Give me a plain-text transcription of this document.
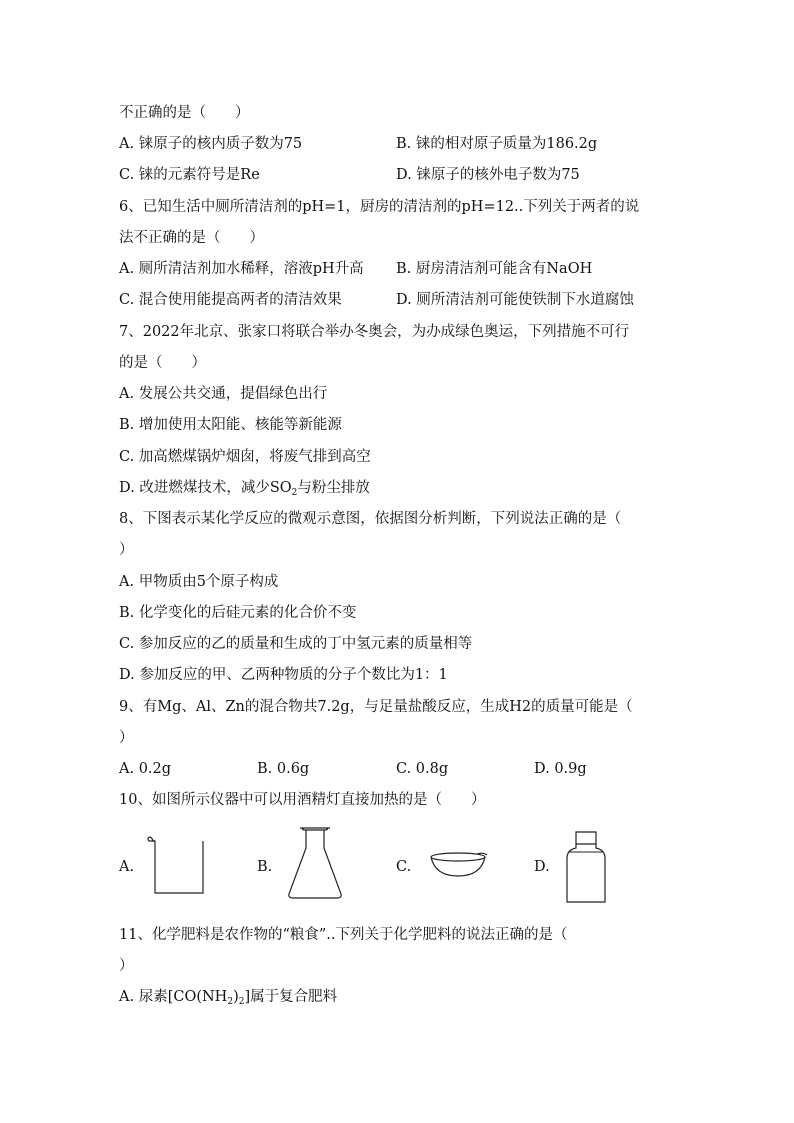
不正确的是（　　）
A. 铼原子的核内质子数为75	B. 铼的相对原子质量为186.2g
C. 铼的元素符号是Re	D. 铼原子的核外电子数为75
6、已知生活中厕所清洁剂的pH=1，厨房的清洁剂的pH=12..下列关于两者的说
法不正确的是（　　）
A. 厕所清洁剂加水稀释，溶液pH升高 B. 厨房清洁剂可能含有NaOH
C. 混合使用能提高两者的清洁效果	D. 厕所清洁剂可能使铁制下水道腐蚀
7、2022年北京、张家口将联合举办冬奥会，为办成绿色奥运，下列措施不可行
的是（　　）
A. 发展公共交通，提倡绿色出行
B. 增加使用太阳能、核能等新能源
C. 加高燃煤锅炉烟囱，将废气排到高空
D. 改进燃煤技术，减少$SO_2$与粉尘排放
8、下图表示某化学反应的微观示意图，依据图分析判断，下列说法正确的是（
）
A. 甲物质由5个原子构成
B. 化学变化的后硅元素的化合价不变
C. 参加反应的乙的质量和生成的丁中氢元素的质量相等
D. 参加反应的甲、乙两种物质的分子个数比为1：1
9、有Mg、Al、Zn的混合物共7.2g，与足量盐酸反应，生成H2的质量可能是（
）
A. 0.2g	B. 0.6g	C. 0.8g	D. 0.9g
10、如图所示仪器中可以用酒精灯直接加热的是（　　）
A.	B.	C.	D.
11、化学肥料是农作物的“粮食”..下列关于化学肥料的说法正确的是（
）
A. 尿素$[CO(NH_2)_2]$属于复合肥料
